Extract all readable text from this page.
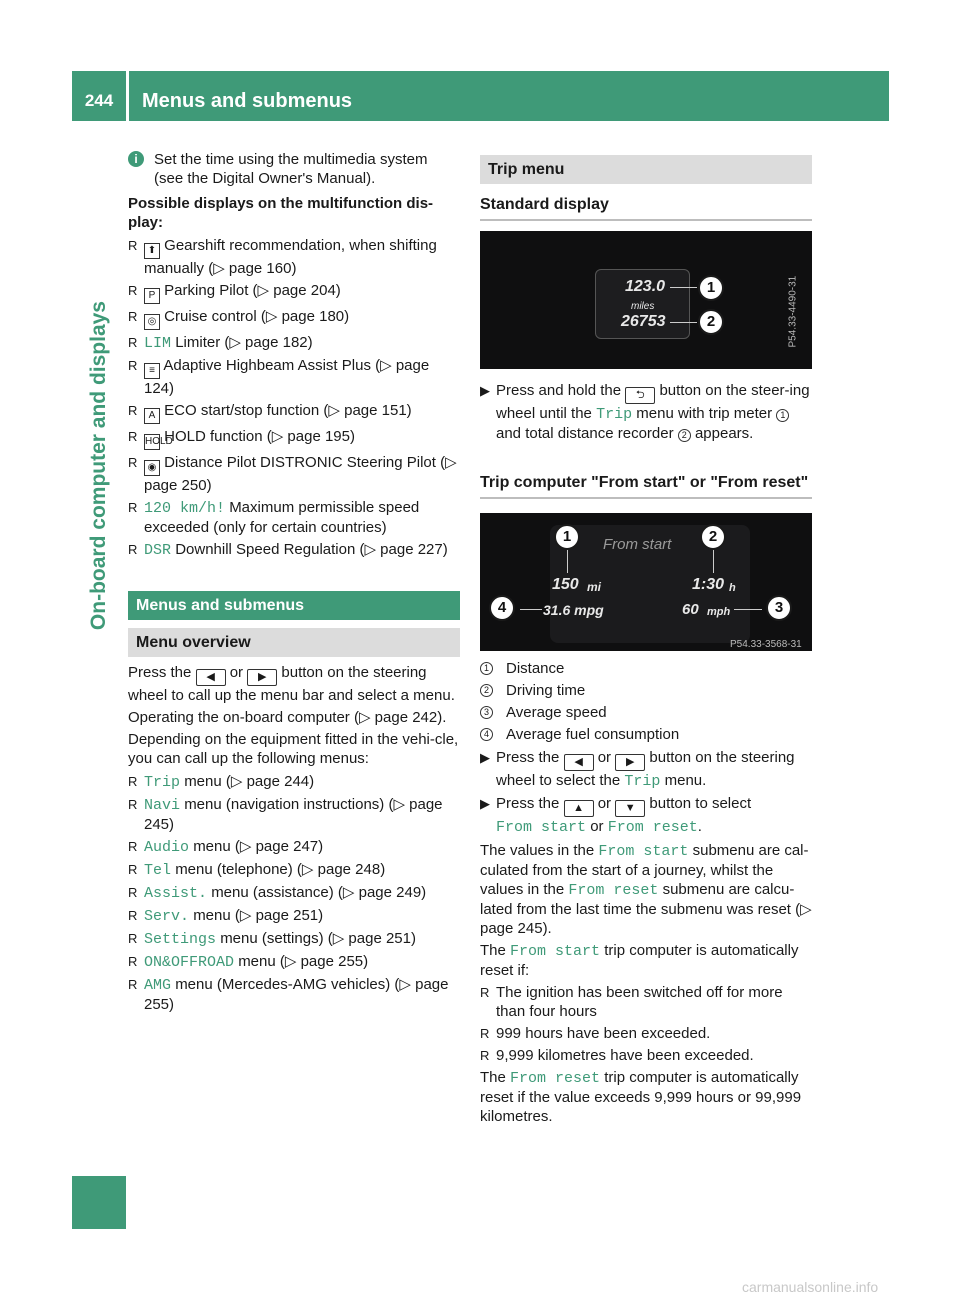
244	Menus and submenus
On-board computer and displays

i	Set the time using the multimedia system (see the Digital Owner's Manual).

Possible displays on the multifunction dis-play:

R ⬆ Gearshift recommendation, when shifting manually (▷ page 160)
R P Parking Pilot (▷ page 204)
R ◎ Cruise control (▷ page 180)
R LIM Limiter (▷ page 182)
R ≡ Adaptive Highbeam Assist Plus (▷ page 124)
R A ECO start/stop function (▷ page 151)
R HOLD HOLD function (▷ page 195)
R ◉ Distance Pilot DISTRONIC Steering Pilot (▷ page 250)
R 120 km/h! Maximum permissible speed exceeded (only for certain countries)
R DSR Downhill Speed Regulation (▷ page 227)
Menus and submenus
Menu overview

Press the ◀ or ▶ button on the steering wheel to call up the menu bar and select a menu.

Operating the on-board computer (▷ page 242).

Depending on the equipment fitted in the vehi-cle, you can call up the following menus:

R Trip menu (▷ page 244)
R Navi menu (navigation instructions) (▷ page 245)
R Audio menu (▷ page 247)
R Tel menu (telephone) (▷ page 248)
R Assist. menu (assistance) (▷ page 249)
R Serv. menu (▷ page 251)
R Settings menu (settings) (▷ page 251)
R ON&OFFROAD menu (▷ page 255)
R AMG menu (Mercedes-AMG vehicles) (▷ page 255)
Trip menu
Standard display
123.0
miles
26753
1
2	P54.33-4490-31
▶ Press and hold the ⮌ button on the steer-ing wheel until the Trip menu with trip meter 1 and total distance recorder 2 appears.
Trip computer "From start" or "From reset"
From start
150 mi	1:30 h
31.6 mpg	60 mph
1	2
3
4
P54.33-3568-31
1 Distance
2 Driving time
3 Average speed
4 Average fuel consumption
▶ Press the ◀ or ▶ button on the steering wheel to select the Trip menu.
▶ Press the ▲ or ▼ button to select
From start or From reset.

The values in the From start submenu are cal-culated from the start of a journey, whilst the values in the From reset submenu are calcu-lated from the last time the submenu was reset (▷ page 245).

The From start trip computer is automatically reset if:

R The ignition has been switched off for more than four hours
R 999 hours have been exceeded.
R 9,999 kilometres have been exceeded.

The From reset trip computer is automatically reset if the value exceeds 9,999 hours or 99,999 kilometres.

carmanualsonline.info
